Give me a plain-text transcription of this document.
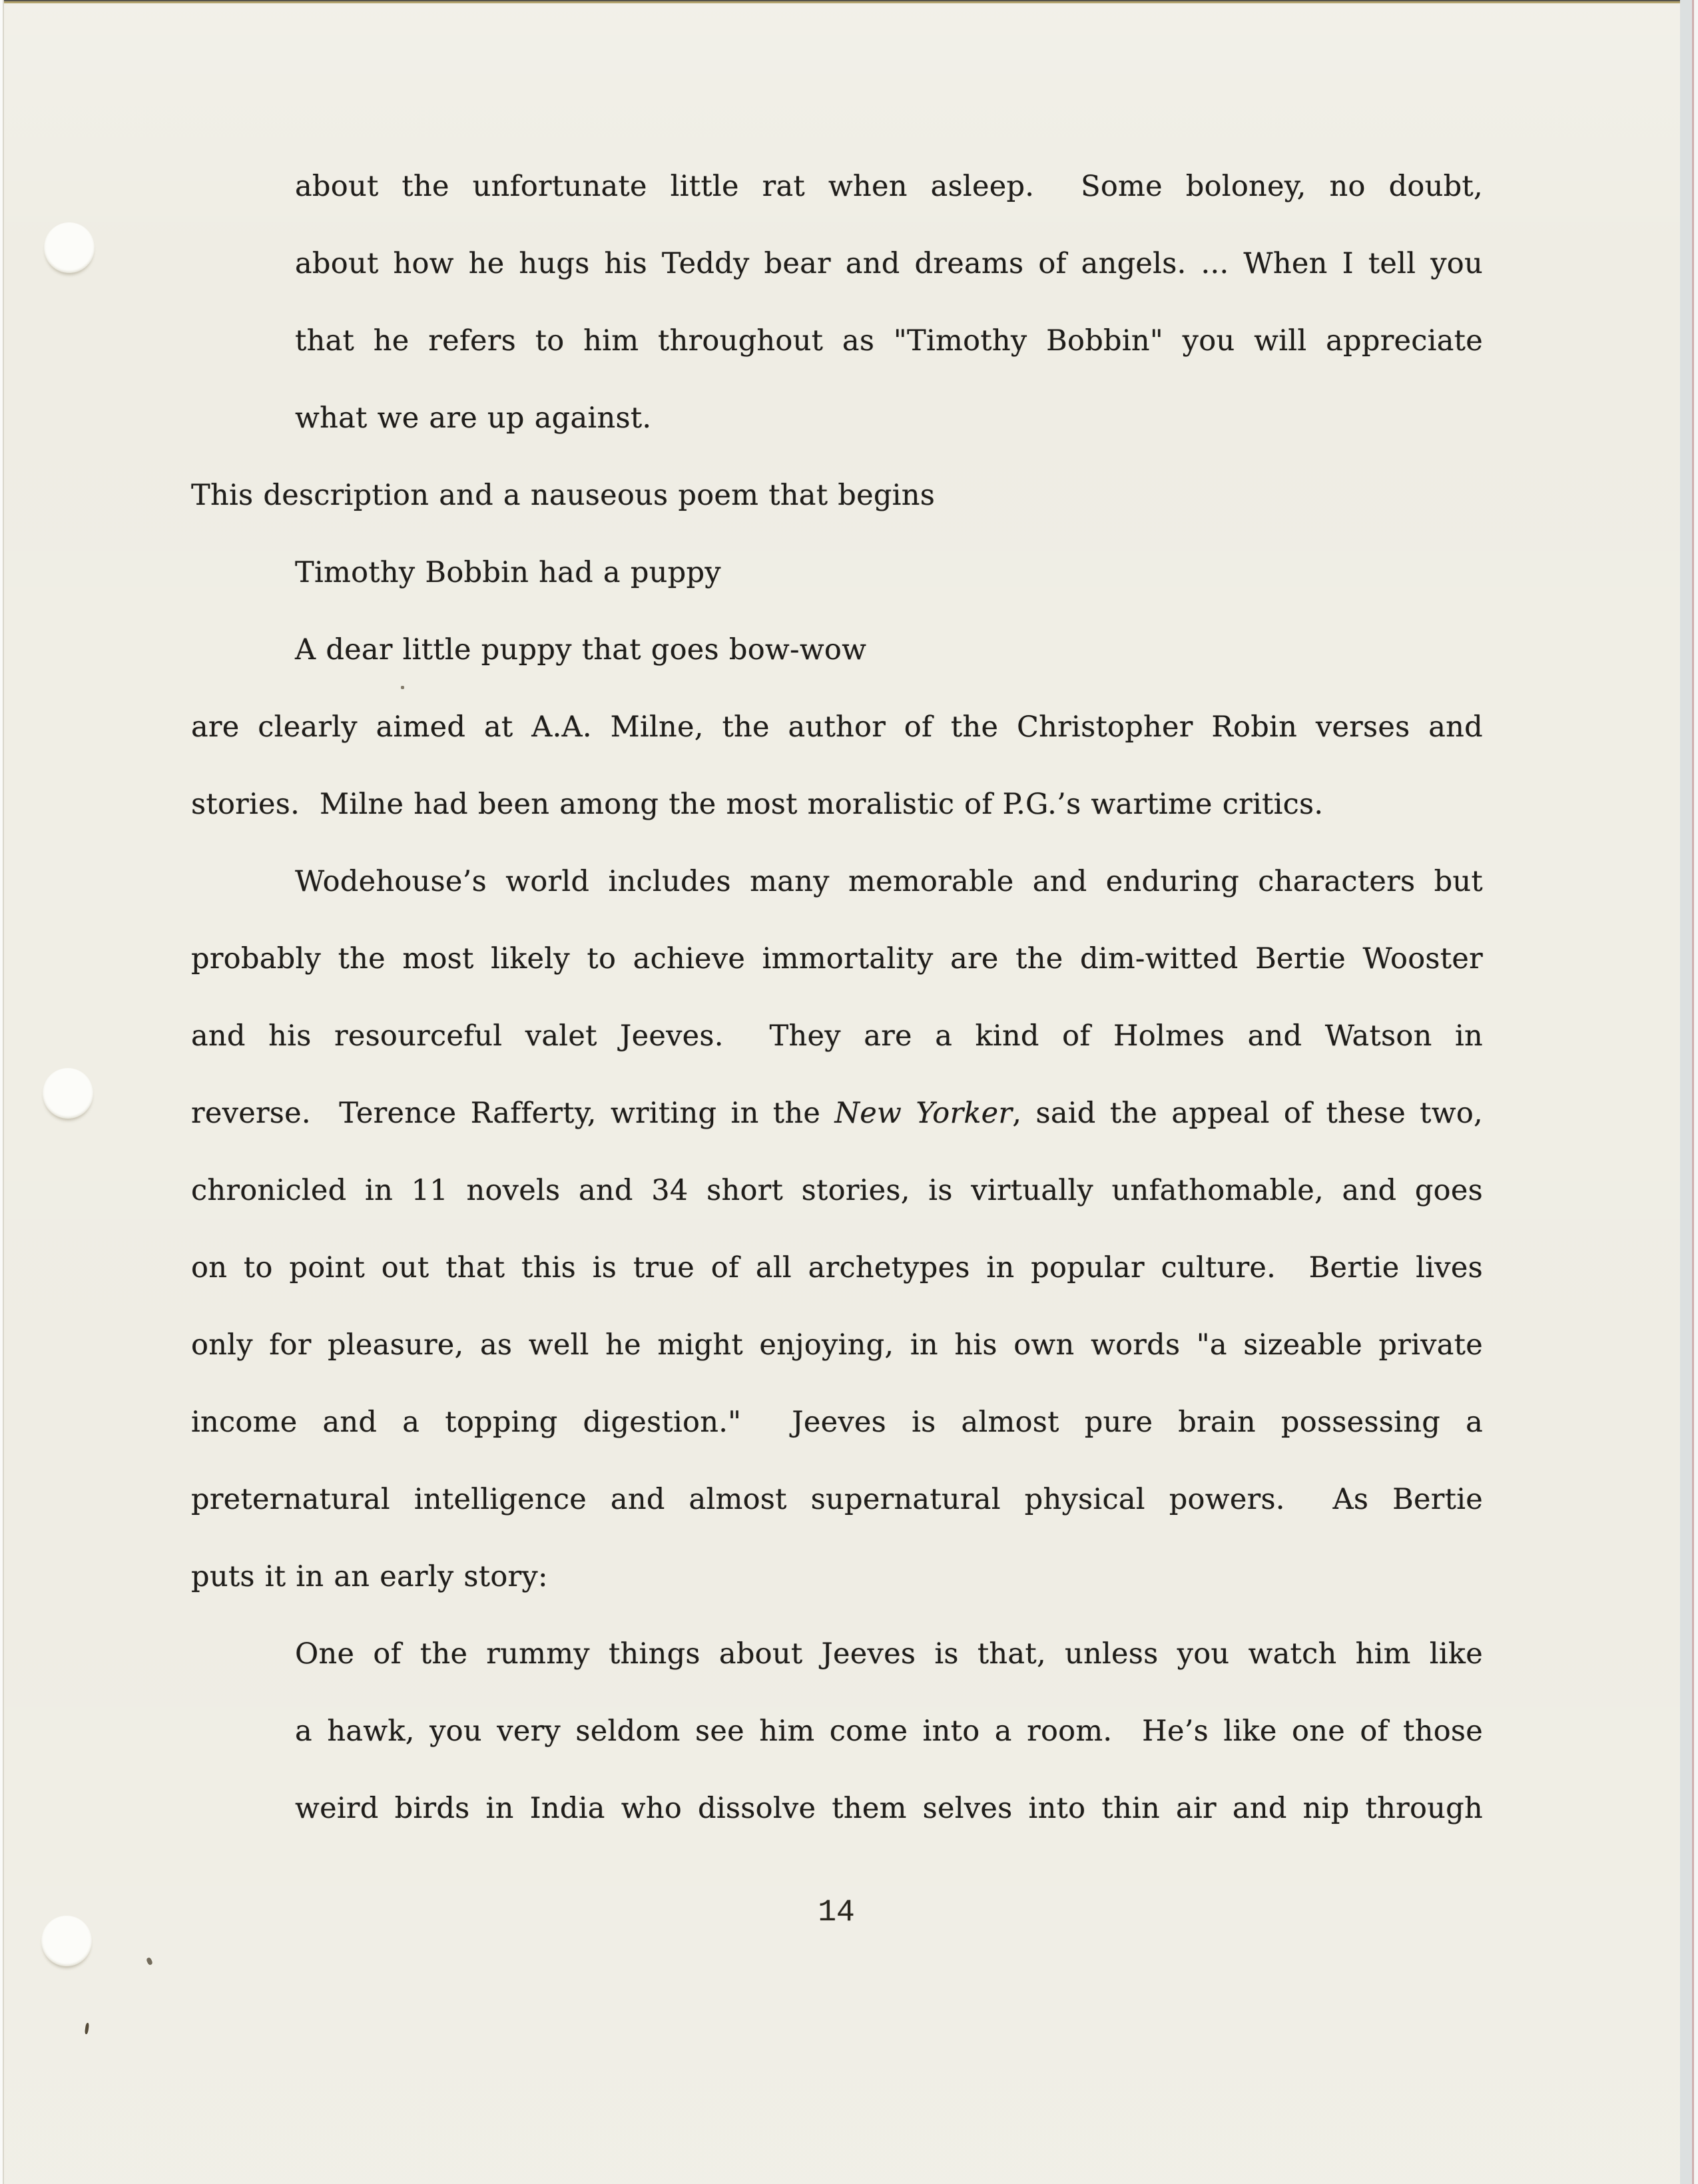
about the unfortunate little rat when asleep.  Some boloney, no doubt,
about how he hugs his Teddy bear and dreams of angels. ... When I tell you
that he refers to him throughout as "Timothy Bobbin" you will appreciate
what we are up against.
This description and a nauseous poem that begins
Timothy Bobbin had a puppy
A dear little puppy that goes bow-wow
are clearly aimed at A.A. Milne, the author of the Christopher Robin verses and
stories.  Milne had been among the most moralistic of P.G.’s wartime critics.
Wodehouse’s world includes many memorable and enduring characters but
probably the most likely to achieve immortality are the dim-witted Bertie Wooster
and his resourceful valet Jeeves.  They are a kind of Holmes and Watson in
reverse.  Terence Rafferty, writing in the New Yorker, said the appeal of these two,
chronicled in 11 novels and 34 short stories, is virtually unfathomable, and goes
on to point out that this is true of all archetypes in popular culture.  Bertie lives
only for pleasure, as well he might enjoying, in his own words "a sizeable private
income and a topping digestion."  Jeeves is almost pure brain possessing a
preternatural intelligence and almost supernatural physical powers.  As Bertie
puts it in an early story:
One of the rummy things about Jeeves is that, unless you watch him like
a hawk, you very seldom see him come into a room.  He’s like one of those
weird birds in India who dissolve them selves into thin air and nip through
14
